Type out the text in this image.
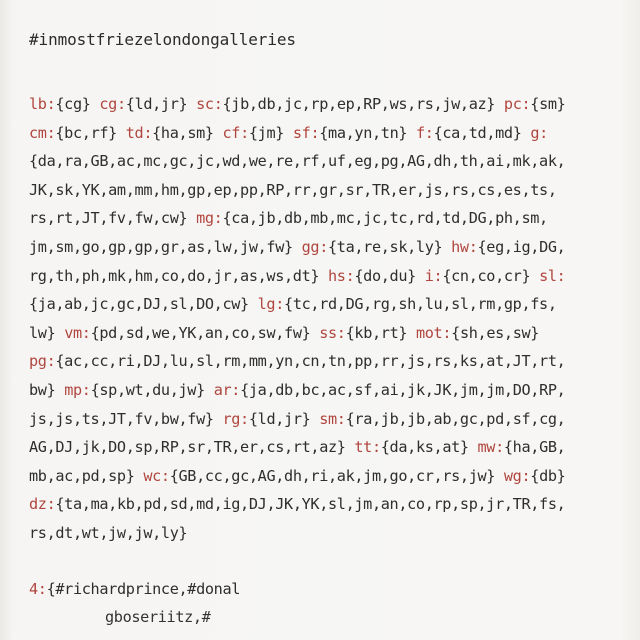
#inmostfriezelondongalleries
lb:{cg} cg:{ld,jr} sc:{jb,db,jc,rp,ep,RP,ws,rs,jw,az} pc:{sm}
cm:{bc,rf} td:{ha,sm} cf:{jm} sf:{ma,yn,tn} f:{ca,td,md} g:
{da,ra,GB,ac,mc,gc,jc,wd,we,re,rf,uf,eg,pg,AG,dh,th,ai,mk,ak,
JK,sk,YK,am,mm,hm,gp,ep,pp,RP,rr,gr,sr,TR,er,js,rs,cs,es,ts,
rs,rt,JT,fv,fw,cw} mg:{ca,jb,db,mb,mc,jc,tc,rd,td,DG,ph,sm,
jm,sm,go,gp,gp,gr,as,lw,jw,fw} gg:{ta,re,sk,ly} hw:{eg,ig,DG,
rg,th,ph,mk,hm,co,do,jr,as,ws,dt} hs:{do,du} i:{cn,co,cr} sl:
{ja,ab,jc,gc,DJ,sl,DO,cw} lg:{tc,rd,DG,rg,sh,lu,sl,rm,gp,fs,
lw} vm:{pd,sd,we,YK,an,co,sw,fw} ss:{kb,rt} mot:{sh,es,sw}
pg:{ac,cc,ri,DJ,lu,sl,rm,mm,yn,cn,tn,pp,rr,js,rs,ks,at,JT,rt,
bw} mp:{sp,wt,du,jw} ar:{ja,db,bc,ac,sf,ai,jk,JK,jm,jm,DO,RP,
js,js,ts,JT,fv,bw,fw} rg:{ld,jr} sm:{ra,jb,jb,ab,gc,pd,sf,cg,
AG,DJ,jk,DO,sp,RP,sr,TR,er,cs,rt,az} tt:{da,ks,at} mw:{ha,GB,
mb,ac,pd,sp} wc:{GB,cc,gc,AG,dh,ri,ak,jm,go,cr,rs,jw} wg:{db}
dz:{ta,ma,kb,pd,sd,md,ig,DJ,JK,YK,sl,jm,an,co,rp,sp,jr,TR,fs,
rs,dt,wt,jw,jw,ly}
4:{#richardprince,#donal
gboseriitz,#
